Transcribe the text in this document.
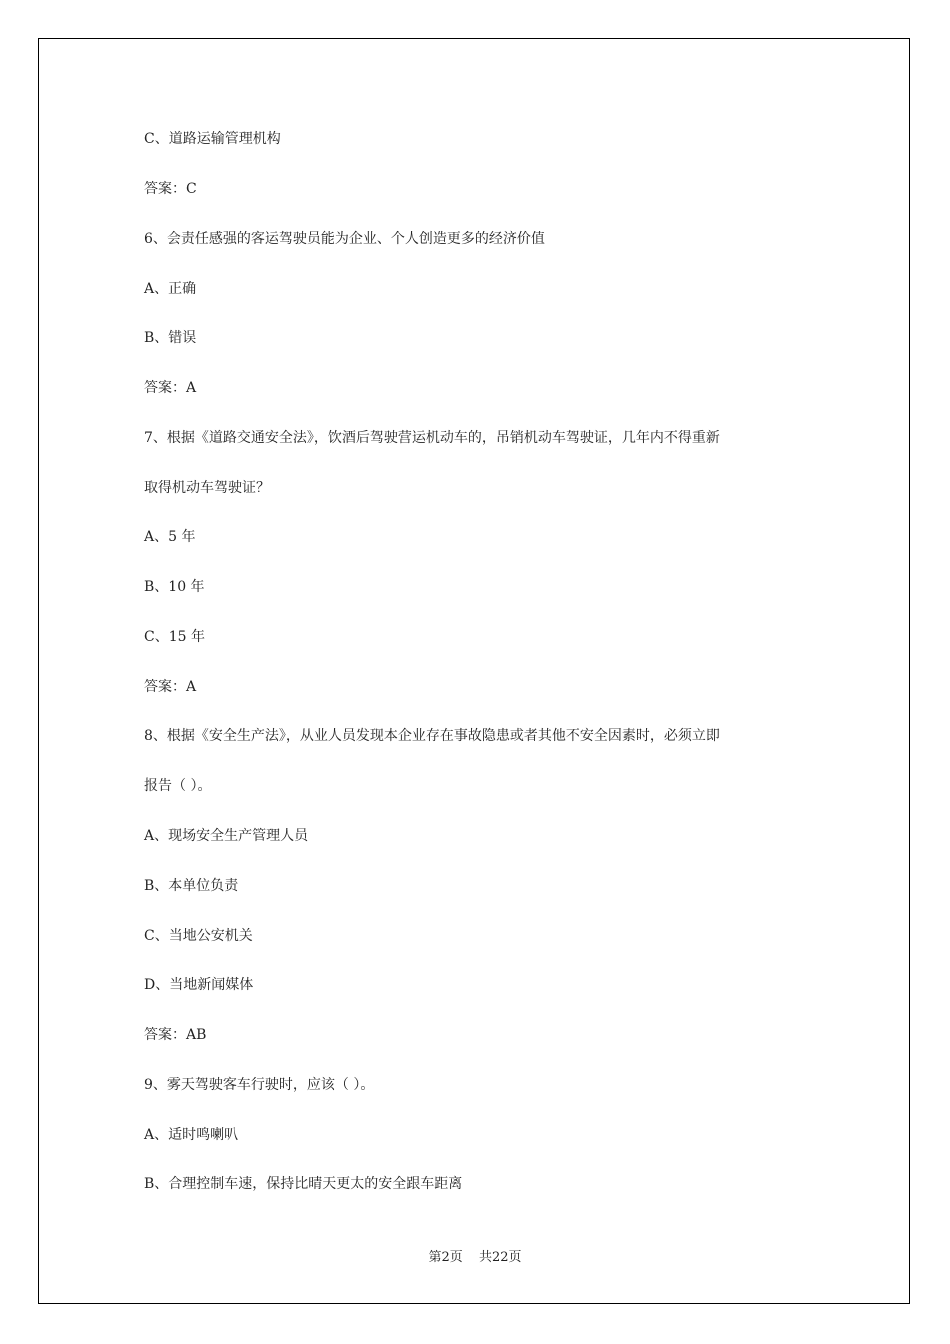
C、道路运输管理机构
答案：C
6、会责任感强的客运驾驶员能为企业、个人创造更多的经济价值
A、正确
B、错误
答案：A
7、根据《道路交通安全法》，饮酒后驾驶营运机动车的，吊销机动车驾驶证，几年内不得重新
取得机动车驾驶证？
A、5 年
B、10 年
C、15 年
答案：A
8、根据《安全生产法》，从业人员发现本企业存在事故隐患或者其他不安全因素时，必须立即
报告（ ）。
A、现场安全生产管理人员
B、本单位负责
C、当地公安机关
D、当地新闻媒体
答案：AB
9、雾天驾驶客车行驶时，应该（ ）。
A、适时鸣喇叭
B、合理控制车速，保持比晴天更太的安全跟车距离
第2页 共22页
